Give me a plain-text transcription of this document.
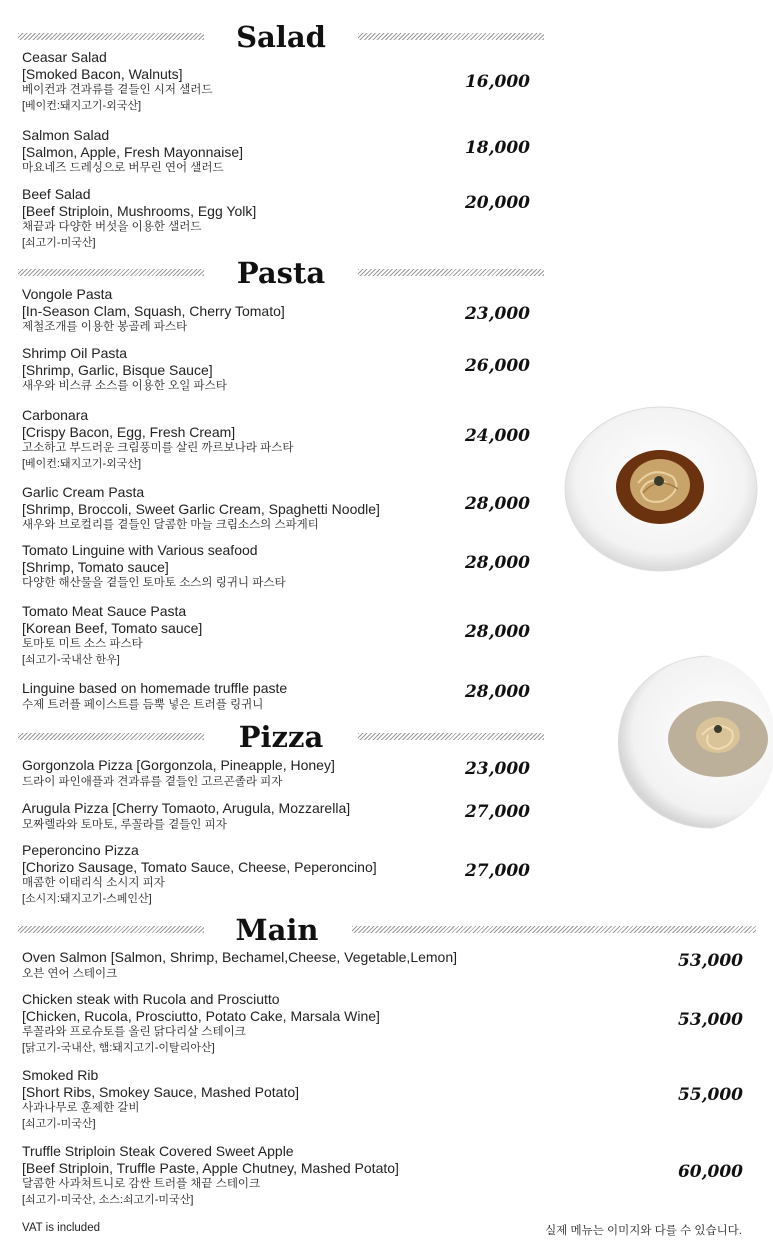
Salad
Ceasar Salad
[Smoked Bacon, Walnuts]
베이컨과 견과류를 곁들인 시저 샐러드
[베이컨:돼지고기-외국산]
16,000
Salmon Salad
[Salmon, Apple, Fresh Mayonnaise]
마요네즈 드레싱으로 버무린 연어 샐러드
18,000
Beef Salad
[Beef Striploin, Mushrooms, Egg Yolk]
채끝과 다양한 버섯을 이용한 샐러드
[쇠고기-미국산]
20,000
Pasta
Vongole Pasta
[In-Season Clam, Squash, Cherry Tomato]
제철조개를 이용한 봉골레 파스타
23,000
Shrimp Oil Pasta
[Shrimp, Garlic, Bisque Sauce]
새우와 비스큐 소스를 이용한 오일 파스타
26,000
Carbonara
[Crispy Bacon, Egg, Fresh Cream]
고소하고 부드러운 크림풍미를 살린 까르보나라 파스타
[베이컨:돼지고기-외국산]
24,000
Garlic Cream Pasta
[Shrimp, Broccoli, Sweet Garlic Cream, Spaghetti Noodle]
새우와 브로컬리를 곁들인 달콤한 마늘 크림소스의 스파게티
28,000
Tomato Linguine with Various seafood
[Shrimp, Tomato sauce]
다양한 해산물을 곁들인 토마토 소스의 링귀니 파스타
28,000
Tomato Meat Sauce Pasta
[Korean Beef, Tomato sauce]
토마토 미트 소스 파스타
[쇠고기-국내산 한우]
28,000
Linguine based on homemade truffle paste
수제 트러플 페이스트를 듬뿍 넣은 트러플 링귀니
28,000
Pizza
Gorgonzola Pizza [Gorgonzola, Pineapple, Honey]
드라이 파인애플과 견과류를 곁들인 고르곤졸라 피자
23,000
Arugula Pizza [Cherry Tomaoto, Arugula, Mozzarella]
모짜렐라와 토마토, 루꼴라를 곁들인 피자
27,000
Peperoncino Pizza
[Chorizo Sausage, Tomato Sauce, Cheese, Peperoncino]
매콤한 이태리식 소시지 피자
[소시지:돼지고기-스페인산]
27,000
Main
Oven Salmon [Salmon, Shrimp, Bechamel,Cheese, Vegetable,Lemon]
오븐 연어 스테이크
53,000
Chicken steak with Rucola and Prosciutto
[Chicken, Rucola, Prosciutto, Potato Cake, Marsala Wine]
루꼴라와 프로슈토를 올린 닭다리살 스테이크
[닭고기-국내산, 햄:돼지고기-이탈리아산]
53,000
Smoked Rib
[Short Ribs, Smokey Sauce, Mashed Potato]
사과나무로 훈제한 갈비
[쇠고기-미국산]
55,000
Truffle Striploin Steak Covered Sweet Apple
[Beef Striploin, Truffle Paste, Apple Chutney, Mashed Potato]
달콤한 사과쳐트니로 감싼 트러플 채끝 스테이크
[쇠고기-미국산, 소스:쇠고기-미국산]
60,000
VAT is included	실제 메뉴는 이미지와 다를 수 있습니다.
